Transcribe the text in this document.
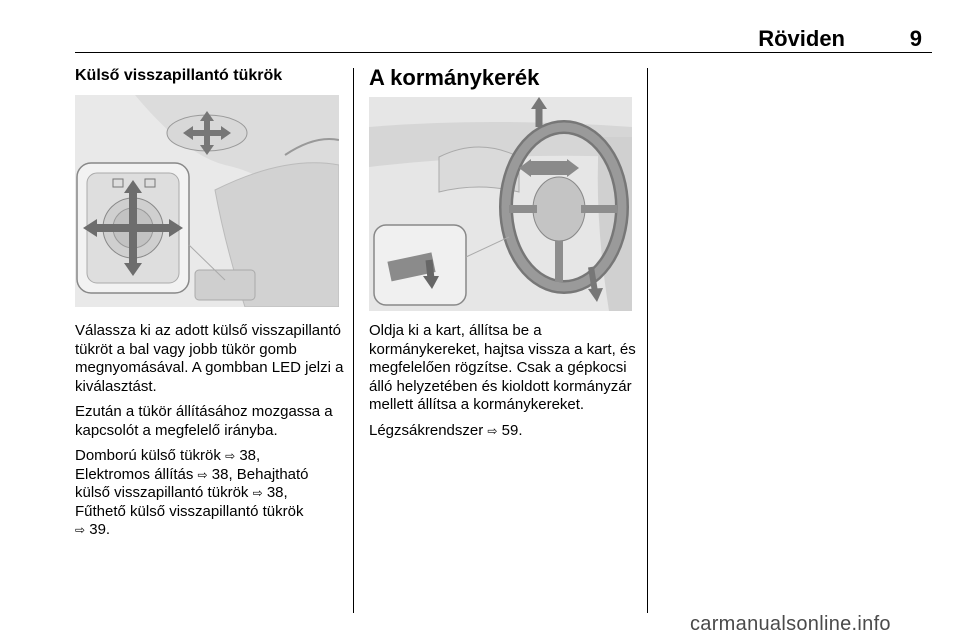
Röviden	9
Külső visszapillantó tükrök

Válassza ki az adott külső visszapillantó tükröt a bal vagy jobb tükör gomb megnyomásával. A gombban LED jelzi a kiválasztást.

Ezután a tükör állításához mozgassa a kapcsolót a megfelelő irányba.

Domború külső tükrök ⇨ 38,
Elektromos állítás ⇨ 38, Behajtható
külső visszapillantó tükrök ⇨ 38,
Fűthető külső visszapillantó tükrök
⇨ 39.

A kormánykerék

Oldja ki a kart, állítsa be a kormánykereket, hajtsa vissza a kart, és megfelelően rögzítse. Csak a gépkocsi álló helyzetében és kioldott kormányzár mellett állítsa a kormánykereket.

Légzsákrendszer ⇨ 59.

carmanualsonline.info
